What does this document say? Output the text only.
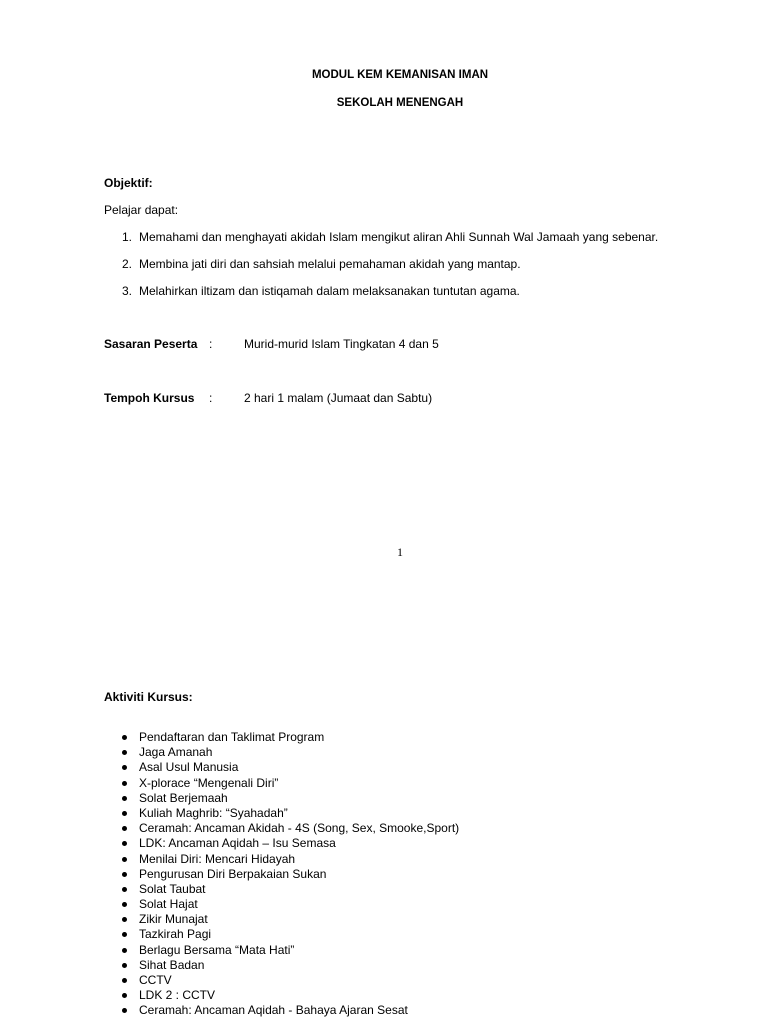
MODUL KEM KEMANISAN IMAN
SEKOLAH MENENGAH
Objektif:
Pelajar dapat:
1. Memahami dan menghayati akidah Islam mengikut aliran Ahli Sunnah Wal Jamaah yang sebenar.
2. Membina jati diri dan sahsiah melalui pemahaman akidah yang mantap.
3. Melahirkan iltizam dan istiqamah dalam melaksanakan tuntutan agama.
Sasaran Peserta :	Murid-murid Islam Tingkatan 4 dan 5
Tempoh Kursus :	2 hari 1 malam (Jumaat dan Sabtu)
1
Aktiviti Kursus:
Pendaftaran dan Taklimat Program
Jaga Amanah
Asal Usul Manusia
X-plorace “Mengenali Diri”
Solat Berjemaah
Kuliah Maghrib: “Syahadah”
Ceramah: Ancaman Akidah - 4S (Song, Sex, Smooke,Sport)
LDK: Ancaman Aqidah – Isu Semasa
Menilai Diri: Mencari Hidayah
Pengurusan Diri Berpakaian Sukan
Solat Taubat
Solat Hajat
Zikir Munajat
Tazkirah Pagi
Berlagu Bersama “Mata Hati”
Sihat Badan
CCTV
LDK 2 : CCTV
Ceramah: Ancaman Aqidah - Bahaya Ajaran Sesat
